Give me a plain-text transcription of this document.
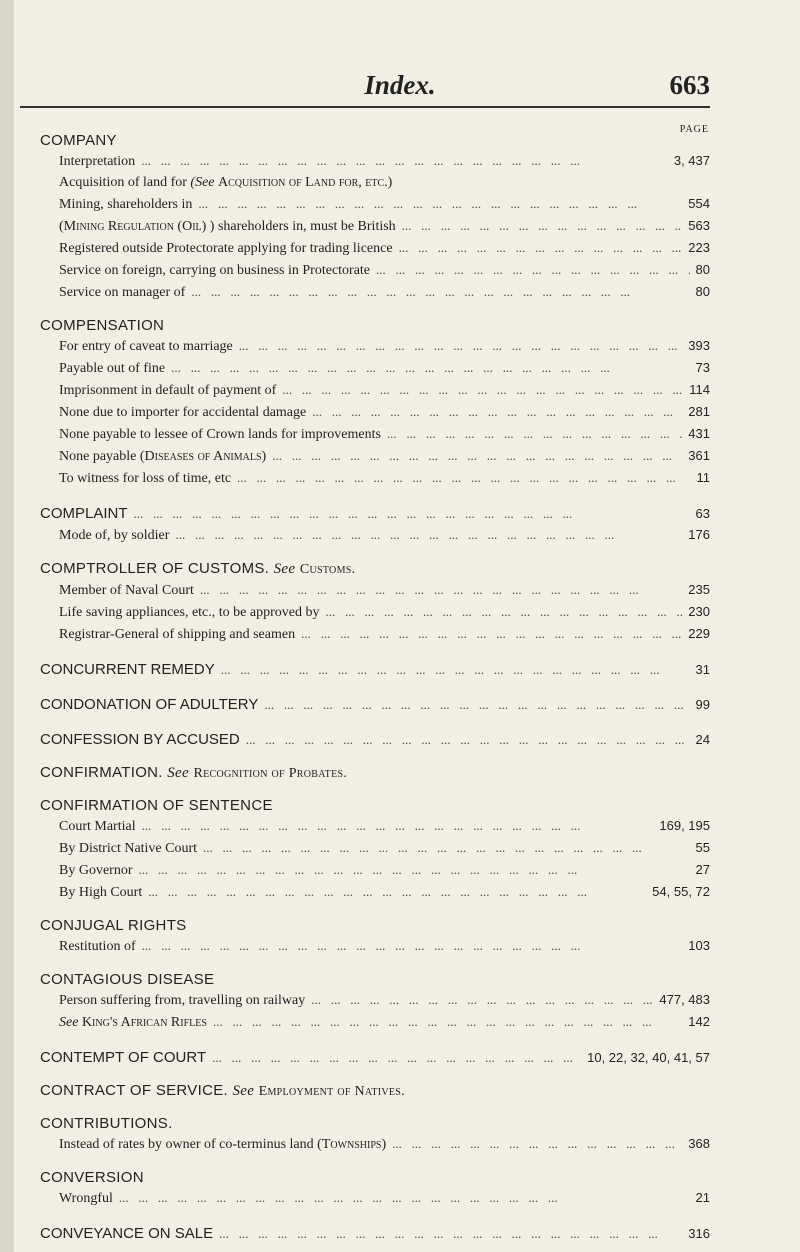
Index.	663
PAGE
COMPANY
Interpretation ...	3, 437
Acquisition of land for (See Acquisition of Land for, etc.)
Mining, shareholders in ...	554
(Mining Regulation (Oil) ) shareholders in, must be British ...	563
Registered outside Protectorate applying for trading licence ...	223
Service on foreign, carrying on business in Protectorate ...	80
Service on manager of ...	80
COMPENSATION
For entry of caveat to marriage ...	393
Payable out of fine ...	73
Imprisonment in default of payment of ...	114
None due to importer for accidental damage ...	281
None payable to lessee of Crown lands for improvements ...	431
None payable (Diseases of Animals) ...	361
To witness for loss of time, etc ...	11
COMPLAINT ...	63
Mode of, by soldier ...	176
COMPTROLLER OF CUSTOMS. See Customs.
Member of Naval Court ...	235
Life saving appliances, etc., to be approved by ...	230
Registrar-General of shipping and seamen ...	229
CONCURRENT REMEDY ...	31
CONDONATION OF ADULTERY ...	99
CONFESSION BY ACCUSED ...	24
CONFIRMATION. See Recognition of Probates.
CONFIRMATION OF SENTENCE
Court Martial ...	169, 195
By District Native Court ...	55
By Governor ...	27
By High Court ...	54, 55, 72
CONJUGAL RIGHTS
Restitution of ...	103
CONTAGIOUS DISEASE
Person suffering from, travelling on railway ...	477, 483
See King's African Rifles ...	142
CONTEMPT OF COURT ...	10, 22, 32, 40, 41, 57
CONTRACT OF SERVICE. See Employment of Natives.
CONTRIBUTIONS.
Instead of rates by owner of co-terminus land (Townships) ...	368
CONVERSION
Wrongful ...	21
CONVEYANCE ON SALE ...	316
